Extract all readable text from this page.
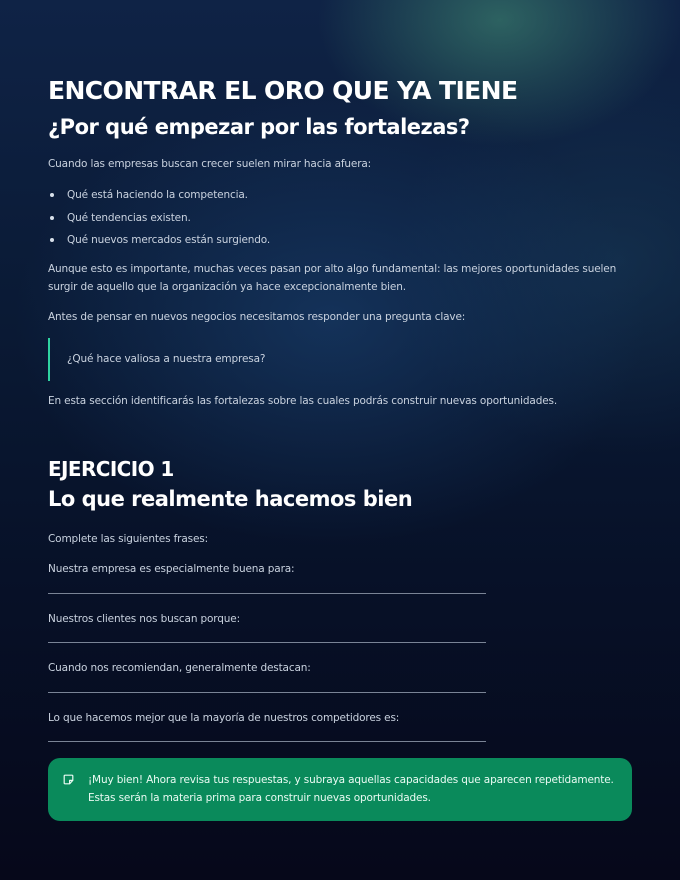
ENCONTRAR EL ORO QUE YA TIENE
¿Por qué empezar por las fortalezas?

Cuando las empresas buscan crecer suelen mirar hacia afuera:

Qué está haciendo la competencia.
Qué tendencias existen.
Qué nuevos mercados están surgiendo.

Aunque esto es importante, muchas veces pasan por alto algo fundamental: las mejores oportunidades suelen surgir de aquello que la organización ya hace excepcionalmente bien.

Antes de pensar en nuevos negocios necesitamos responder una pregunta clave:

¿Qué hace valiosa a nuestra empresa?

En esta sección identificarás las fortalezas sobre las cuales podrás construir nuevas oportunidades.

EJERCICIO 1
Lo que realmente hacemos bien

Complete las siguientes frases:

Nuestra empresa es especialmente buena para:

Nuestros clientes nos buscan porque:

Cuando nos recomiendan, generalmente destacan:

Lo que hacemos mejor que la mayoría de nuestros competidores es:

¡Muy bien! Ahora revisa tus respuestas, y subraya aquellas capacidades que aparecen repetidamente. Estas serán la materia prima para construir nuevas oportunidades.
